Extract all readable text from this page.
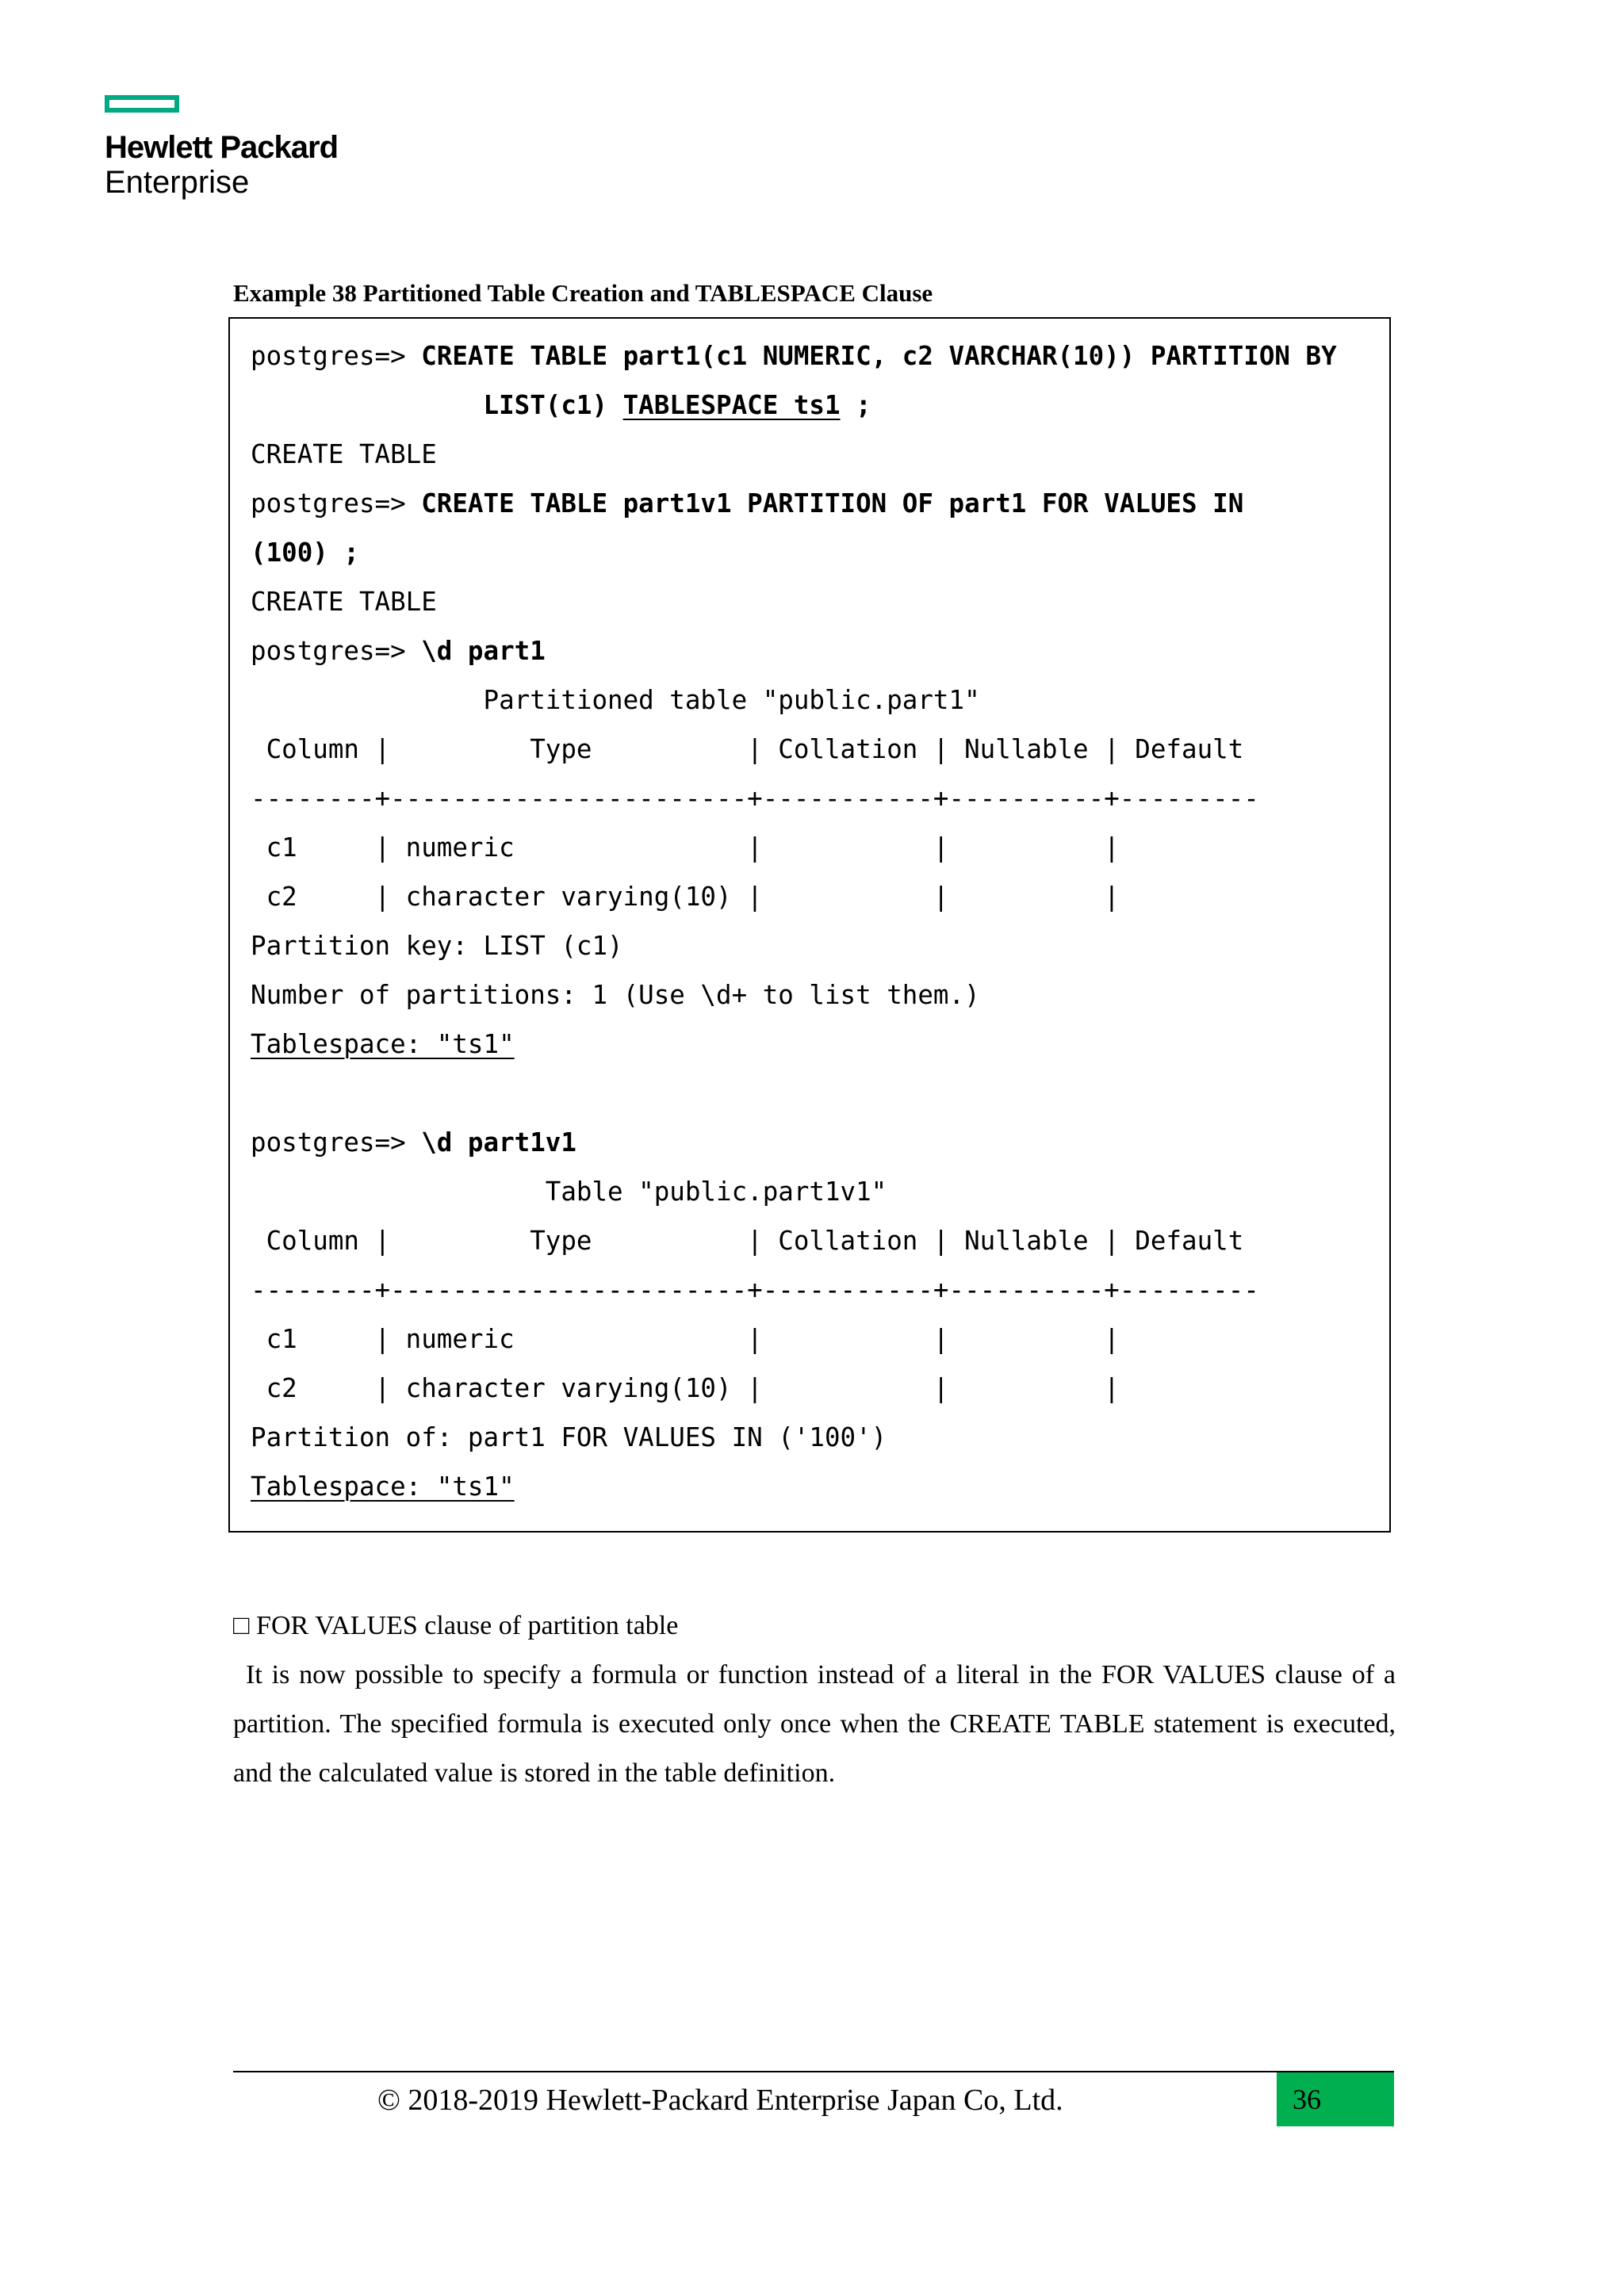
Hewlett Packard
Enterprise
Example 38 Partitioned Table Creation and TABLESPACE Clause
postgres=> CREATE TABLE part1(c1 NUMERIC, c2 VARCHAR(10)) PARTITION BY
LIST(c1) TABLESPACE ts1 ;
CREATE TABLE
postgres=> CREATE TABLE part1v1 PARTITION OF part1 FOR VALUES IN
(100) ;
CREATE TABLE
postgres=> \d part1
Partitioned table "public.part1"
Column |         Type          | Collation | Nullable | Default
--------+-----------------------+-----------+----------+---------
c1     | numeric               |           |          |
c2     | character varying(10) |           |          |
Partition key: LIST (c1)
Number of partitions: 1 (Use \d+ to list them.)
Tablespace: "ts1"
postgres=> \d part1v1
Table "public.part1v1"
Column |         Type          | Collation | Nullable | Default
--------+-----------------------+-----------+----------+---------
c1     | numeric               |           |          |
c2     | character varying(10) |           |          |
Partition of: part1 FOR VALUES IN ('100')
Tablespace: "ts1"
□ FOR VALUES clause of partition table

It is now possible to specify a formula or function instead of a literal in the FOR VALUES clause of a partition. The specified formula is executed only once when the CREATE TABLE statement is executed, and the calculated value is stored in the table definition.

© 2018-2019 Hewlett-Packard Enterprise Japan Co, Ltd.	36
